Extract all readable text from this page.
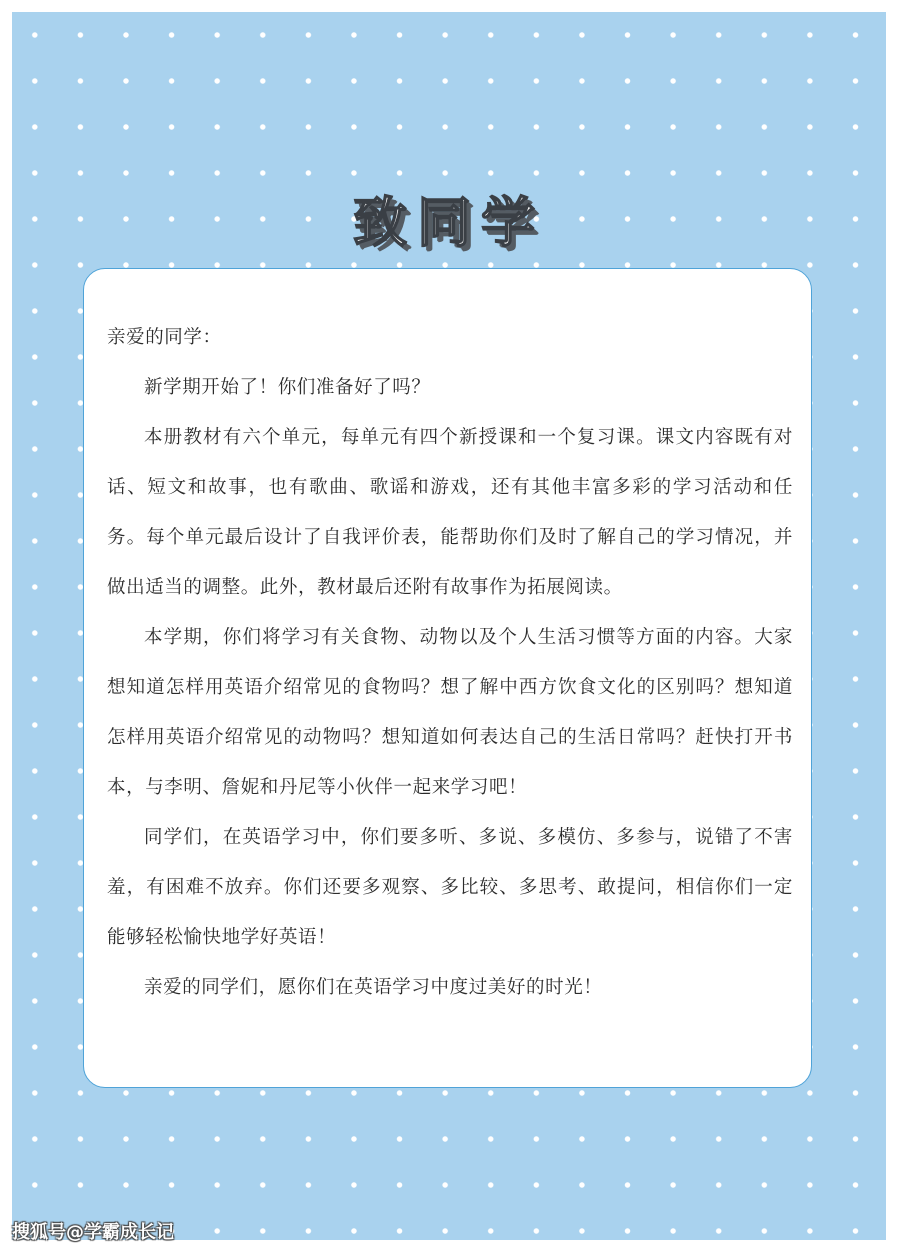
致同学

亲爱的同学：

新学期开始了！你们准备好了吗？

本册教材有六个单元，每单元有四个新授课和一个复习课。课文内容既有对话、短文和故事，也有歌曲、歌谣和游戏，还有其他丰富多彩的学习活动和任务。每个单元最后设计了自我评价表，能帮助你们及时了解自己的学习情况，并做出适当的调整。此外，教材最后还附有故事作为拓展阅读。

本学期，你们将学习有关食物、动物以及个人生活习惯等方面的内容。大家想知道怎样用英语介绍常见的食物吗？想了解中西方饮食文化的区别吗？想知道怎样用英语介绍常见的动物吗？想知道如何表达自己的生活日常吗？赶快打开书本，与李明、詹妮和丹尼等小伙伴一起来学习吧！

同学们，在英语学习中，你们要多听、多说、多模仿、多参与，说错了不害羞，有困难不放弃。你们还要多观察、多比较、多思考、敢提问，相信你们一定能够轻松愉快地学好英语！

亲爱的同学们，愿你们在英语学习中度过美好的时光！

搜狐号@学霸成长记
